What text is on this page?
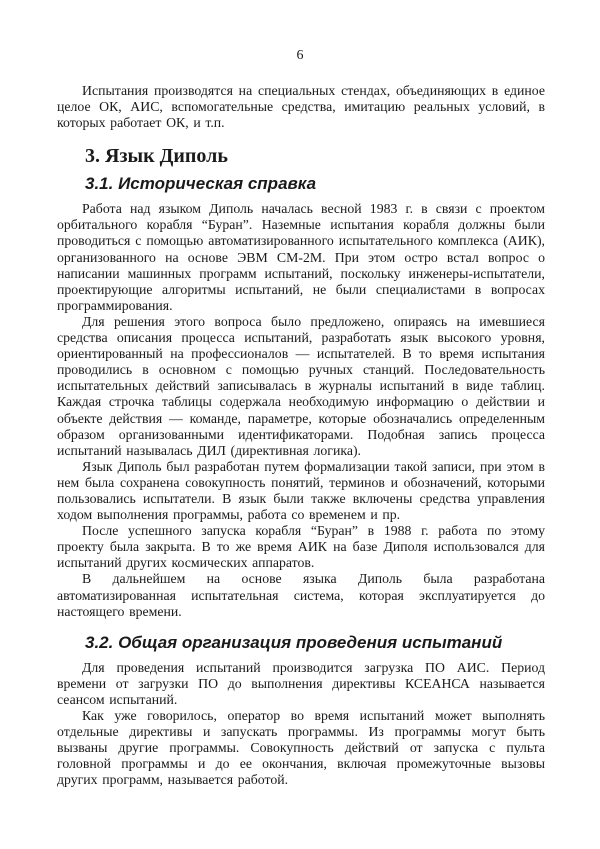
6

Испытания производятся на специальных стендах, объединяющих в единое целое ОК, АИС, вспомогательные средства, имитацию реальных условий, в которых работает ОК, и т.п.

3. Язык Диполь
3.1. Историческая справка

Работа над языком Диполь началась весной 1983 г. в связи с проектом орбитального корабля “Буран”. Наземные испытания корабля должны были проводиться с помощью автоматизированного испытательного комплекса (АИК), организованного на основе ЭВМ СМ-2М. При этом остро встал вопрос о написании машинных программ испытаний, поскольку инженеры-испытатели, проектирующие алгоритмы испытаний, не были специалистами в вопросах программирования.

Для решения этого вопроса было предложено, опираясь на имевшиеся средства описания процесса испытаний, разработать язык высокого уровня, ориентированный на профессионалов — испытателей. В то время испытания проводились в основном с помощью ручных станций. Последовательность испытательных действий записывалась в журналы испытаний в виде таблиц. Каждая строчка таблицы содержала необходимую информацию о действии и объекте действия — команде, параметре, которые обозначались определенным образом организованными идентификаторами. Подобная запись процесса испытаний называлась ДИЛ (директивная логика).

Язык Диполь был разработан путем формализации такой записи, при этом в нем была сохранена совокупность понятий, терминов и обозначений, которыми пользовались испытатели. В язык были также включены средства управления ходом выполнения программы, работа со временем и пр.

После успешного запуска корабля “Буран” в 1988 г. работа по этому проекту была закрыта. В то же время АИК на базе Диполя использовался для испытаний других космических аппаратов.

В дальнейшем на основе языка Диполь была разработана автоматизированная испытательная система, которая эксплуатируется до настоящего времени.

3.2. Общая организация проведения испытаний

Для проведения испытаний производится загрузка ПО АИС. Период времени от загрузки ПО до выполнения директивы КСЕАНСА называется сеансом испытаний.

Как уже говорилось, оператор во время испытаний может выполнять отдельные директивы и запускать программы. Из программы могут быть вызваны другие программы. Совокупность действий от запуска с пульта головной программы и до ее окончания, включая промежуточные вызовы других программ, называется работой.
